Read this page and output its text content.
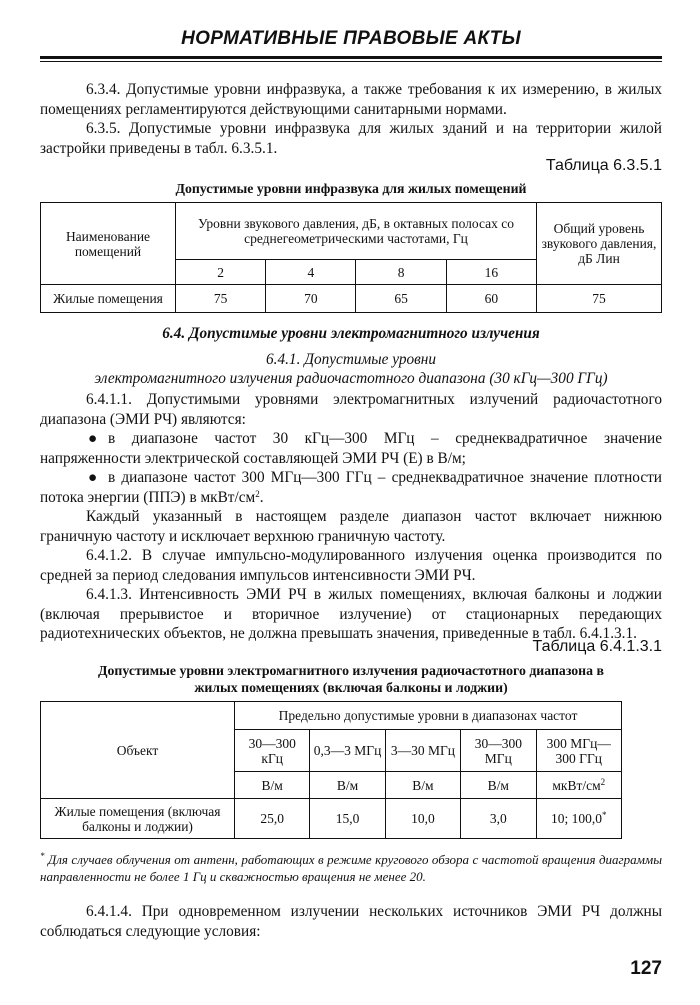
НОРМАТИВНЫЕ ПРАВОВЫЕ АКТЫ
6.3.4. Допустимые уровни инфразвука, а также требования к их измерению, в жилых помещениях регламентируются действующими санитарными нормами.
6.3.5. Допустимые уровни инфразвука для жилых зданий и на территории жилой застройки приведены в табл. 6.3.5.1.
Таблица 6.3.5.1
Допустимые уровни инфразвука для жилых помещений
Наименование помещений	Уровни звукового давления, дБ, в октавных полосах со среднегеометрическими частотами, Гц				Общий уровень звукового давления, дБ Лин
	2	4	8	16	
Жилые помещения	75	70	65	60	75
6.4. Допустимые уровни электромагнитного излучения
6.4.1. Допустимые уровни
электромагнитного излучения радиочастотного диапазона (30 кГц—300 ГГц)
6.4.1.1. Допустимыми уровнями электромагнитных излучений радиочастотного диапазона (ЭМИ РЧ) являются:
● в диапазоне частот 30 кГц—300 МГц – среднеквадратичное значение напряженности электрической составляющей ЭМИ РЧ (Е) в В/м;
● в диапазоне частот 300 МГц—300 ГГц – среднеквадратичное значение плотности потока энергии (ППЭ) в мкВт/$см^2$.
Каждый указанный в настоящем разделе диапазон частот включает нижнюю граничную частоту и исключает верхнюю граничную частоту.
6.4.1.2. В случае импульсно-модулированного излучения оценка производится по средней за период следования импульсов интенсивности ЭМИ РЧ.
6.4.1.3. Интенсивность ЭМИ РЧ в жилых помещениях, включая балконы и лоджии (включая прерывистое и вторичное излучение) от стационарных передающих радиотехнических объектов, не должна превышать значения, приведенные в табл. 6.4.1.3.1.
Таблица 6.4.1.3.1
Допустимые уровни электромагнитного излучения радиочастотного диапазона в
жилых помещениях (включая балконы и лоджии)
Объект	Предельно допустимые уровни в диапазонах частот				
	30—300 кГц	0,3—3 МГц	3—30 МГц	30—300 МГц	300 МГц— 300 ГГц
	В/м	В/м	В/м	В/м	мкВт/$см^2$
Жилые помещения (включая балконы и лоджии)	25,0	15,0	10,0	3,0	10; 100,0*
* Для случаев облучения от антенн, работающих в режиме кругового обзора с частотой вращения диаграммы направленности не более 1 Гц и скважностью вращения не менее 20.
6.4.1.4. При одновременном излучении нескольких источников ЭМИ РЧ должны соблюдаться следующие условия:
127
